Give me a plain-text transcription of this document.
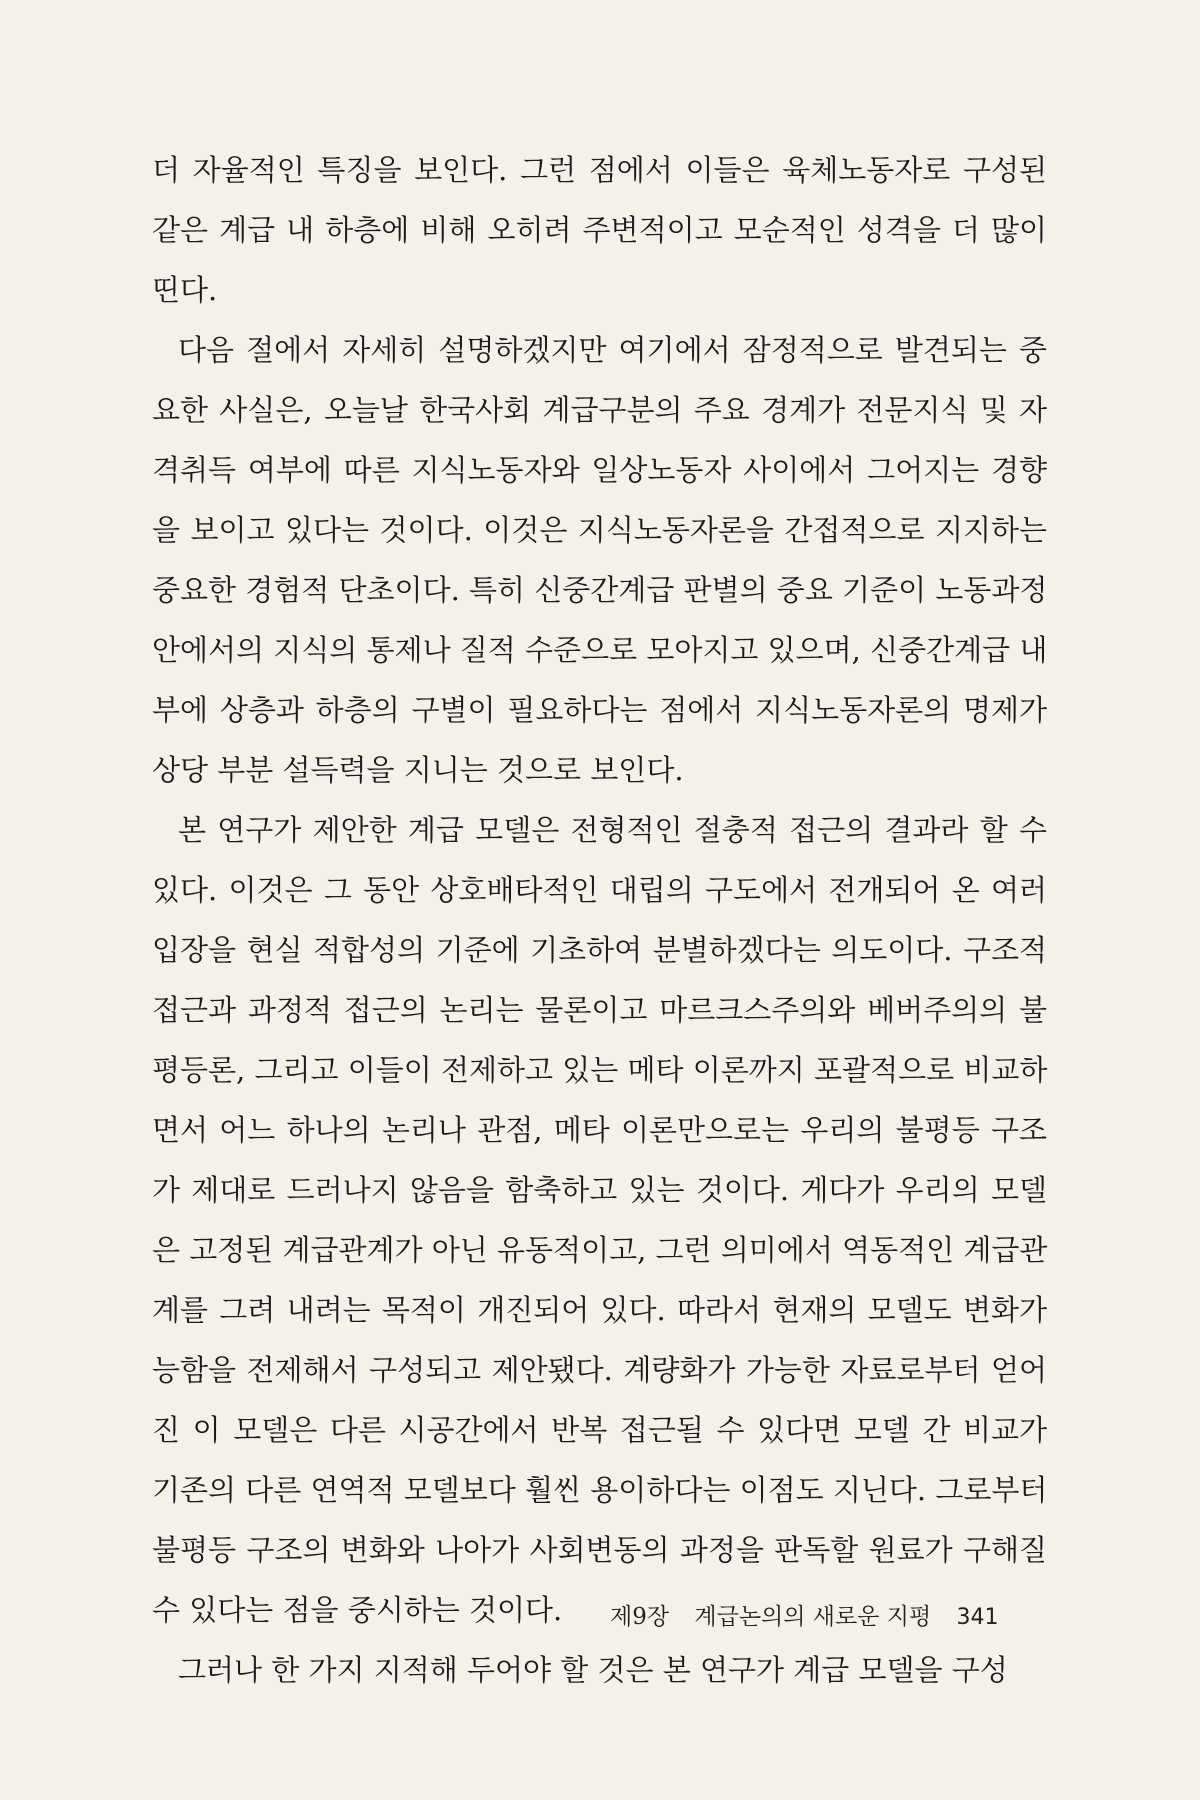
더 자율적인 특징을 보인다. 그런 점에서 이들은 육체노동자로 구성된
같은 계급 내 하층에 비해 오히려 주변적이고 모순적인 성격을 더 많이
띤다.
다음 절에서 자세히 설명하겠지만 여기에서 잠정적으로 발견되는 중
요한 사실은, 오늘날 한국사회 계급구분의 주요 경계가 전문지식 및 자
격취득 여부에 따른 지식노동자와 일상노동자 사이에서 그어지는 경향
을 보이고 있다는 것이다. 이것은 지식노동자론을 간접적으로 지지하는
중요한 경험적 단초이다. 특히 신중간계급 판별의 중요 기준이 노동과정
안에서의 지식의 통제나 질적 수준으로 모아지고 있으며, 신중간계급 내
부에 상층과 하층의 구별이 필요하다는 점에서 지식노동자론의 명제가
상당 부분 설득력을 지니는 것으로 보인다.
본 연구가 제안한 계급 모델은 전형적인 절충적 접근의 결과라 할 수
있다. 이것은 그 동안 상호배타적인 대립의 구도에서 전개되어 온 여러
입장을 현실 적합성의 기준에 기초하여 분별하겠다는 의도이다. 구조적
접근과 과정적 접근의 논리는 물론이고 마르크스주의와 베버주의의 불
평등론, 그리고 이들이 전제하고 있는 메타 이론까지 포괄적으로 비교하
면서 어느 하나의 논리나 관점, 메타 이론만으로는 우리의 불평등 구조
가 제대로 드러나지 않음을 함축하고 있는 것이다. 게다가 우리의 모델
은 고정된 계급관계가 아닌 유동적이고, 그런 의미에서 역동적인 계급관
계를 그려 내려는 목적이 개진되어 있다. 따라서 현재의 모델도 변화가
능함을 전제해서 구성되고 제안됐다. 계량화가 가능한 자료로부터 얻어
진 이 모델은 다른 시공간에서 반복 접근될 수 있다면 모델 간 비교가
기존의 다른 연역적 모델보다 훨씬 용이하다는 이점도 지닌다. 그로부터
불평등 구조의 변화와 나아가 사회변동의 과정을 판독할 원료가 구해질
수 있다는 점을 중시하는 것이다.
그러나 한 가지 지적해 두어야 할 것은 본 연구가 계급 모델을 구성
제9장 계급논의의 새로운 지평 341
